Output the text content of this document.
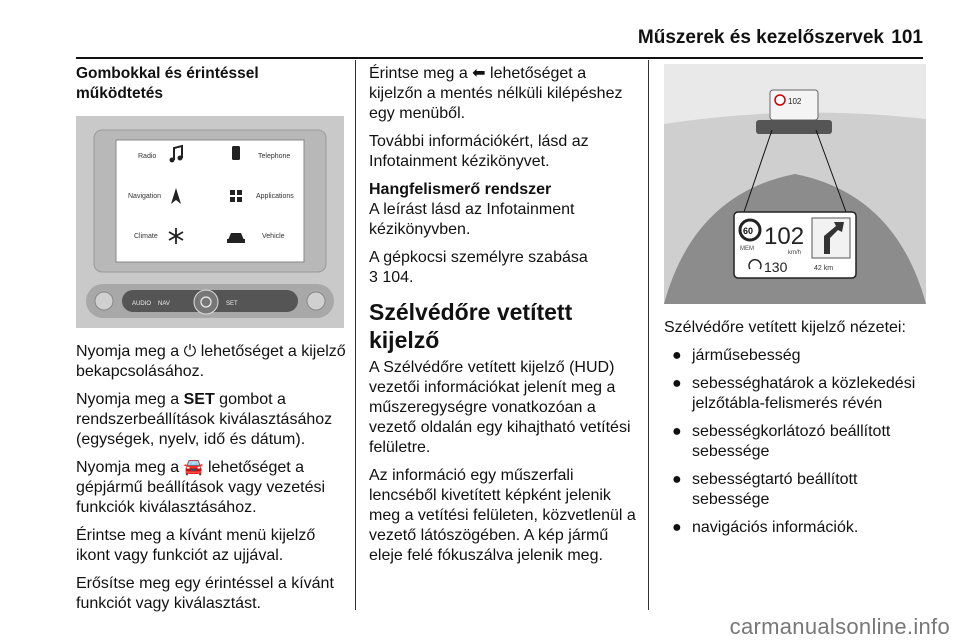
Műszerek és kezelőszervek 101
Gombokkal és érintéssel működtetés
Radio	Telephone
Navigation	Applications
Climate	Vehicle
AUDIO NAV	SET

Nyomja meg a ⏻ lehetőséget a kijelző bekapcsolásához.

Nyomja meg a SET gombot a rendszerbeállítások kiválasztásához (egységek, nyelv, idő és dátum).

Nyomja meg a 🚘 lehetőséget a gépjármű beállítások vagy vezetési funkciók kiválasztásához.

Érintse meg a kívánt menü kijelző ikont vagy funkciót az ujjával.

Erősítse meg egy érintéssel a kívánt funkciót vagy kiválasztást.

Érintse meg a ⬅ lehetőséget a kijelzőn a mentés nélküli kilépéshez egy menüből.

További információkért, lásd az Infotainment kézikönyvet.

Hangfelismerő rendszer

A leírást lásd az Infotainment kézikönyvben.

A gépkocsi személyre szabása
3 104.

Szélvédőre vetített kijelző

A Szélvédőre vetített kijelző (HUD) vezetői információkat jelenít meg a műszeregységre vonatkozóan a vezető oldalán egy kihajtható vetítési felületre.

Az információ egy műszerfali lencséből kivetített képként jelenik meg a vetítési felületen, közvetlenül a vezető látószögében. A kép jármű eleje felé fókuszálva jelenik meg.

102
60
MEM 102
km/h
130	42 km

Szélvédőre vetített kijelző nézetei:

● járműsebesség
● sebességhatárok a közlekedési jelzőtábla-felismerés révén
● sebességkorlátozó beállított sebessége
● sebességtartó beállított sebessége
● navigációs információk.
carmanualsonline.info
